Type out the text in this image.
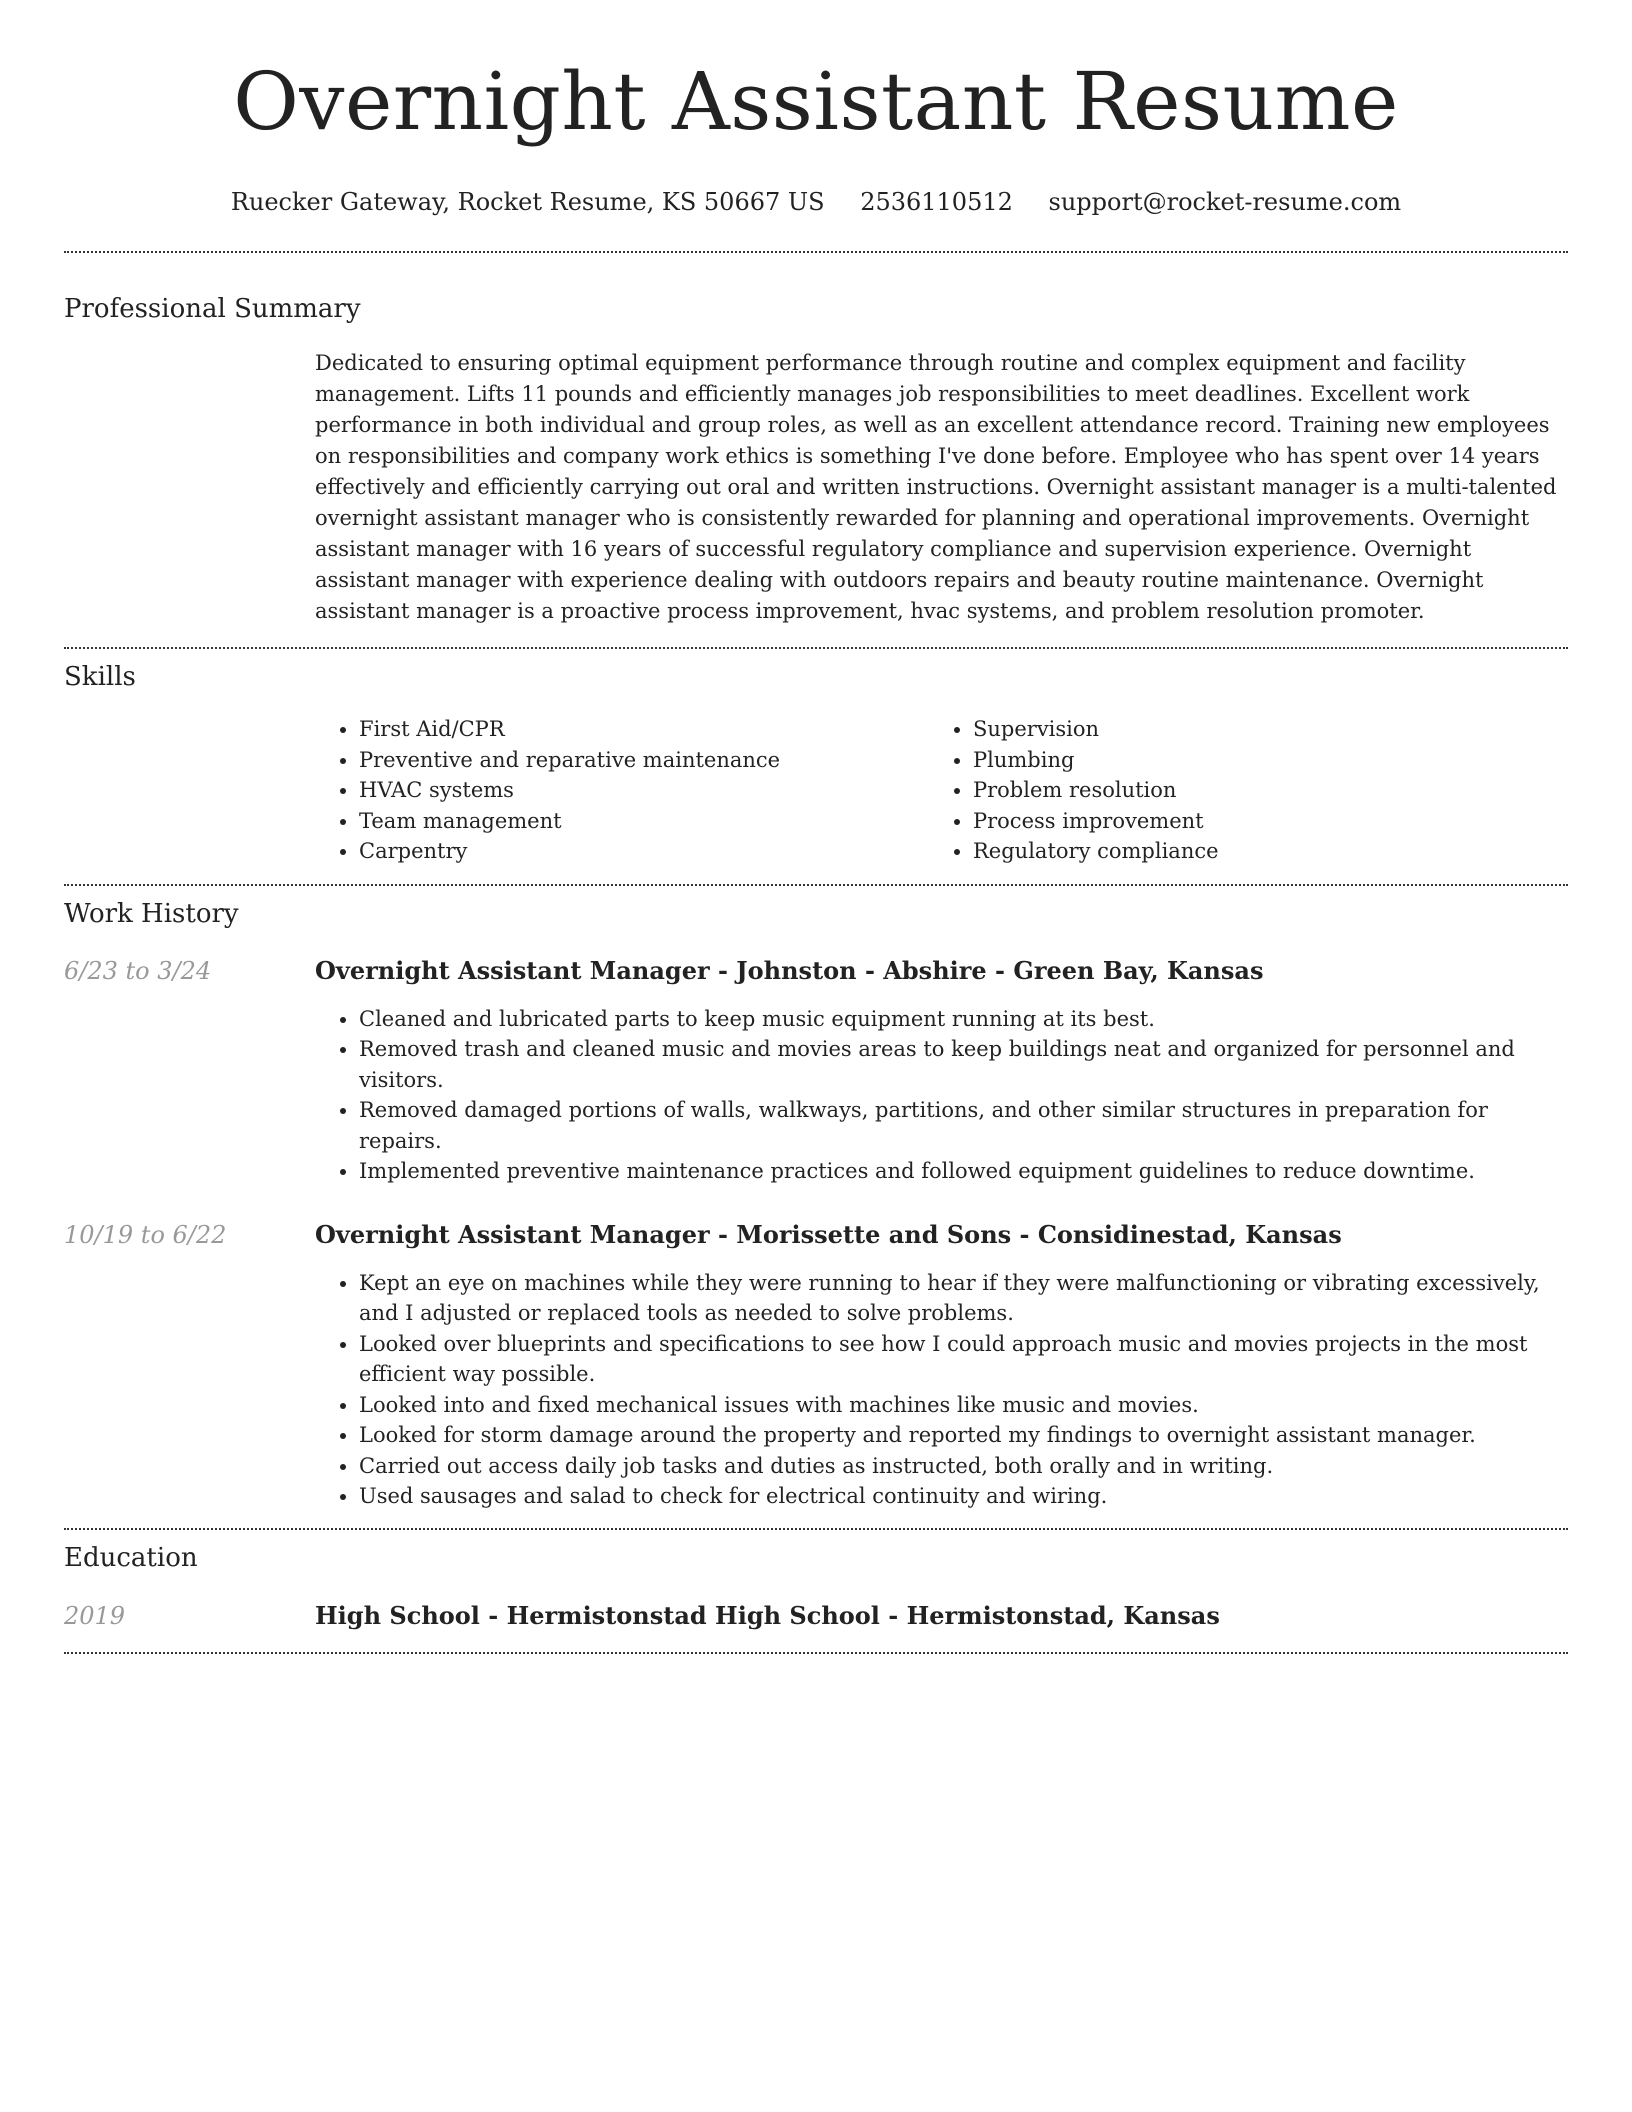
Overnight Assistant Resume
Ruecker Gateway, Rocket Resume, KS 50667 US 2536110512 support@rocket-resume.com
Professional Summary

Dedicated to ensuring optimal equipment performance through routine and complex equipment and facility management. Lifts 11 pounds and efficiently manages job responsibilities to meet deadlines. Excellent work performance in both individual and group roles, as well as an excellent attendance record. Training new employees on responsibilities and company work ethics is something I've done before. Employee who has spent over 14 years effectively and efficiently carrying out oral and written instructions. Overnight assistant manager is a multi-talented overnight assistant manager who is consistently rewarded for planning and operational improvements. Overnight assistant manager with 16 years of successful regulatory compliance and supervision experience. Overnight assistant manager with experience dealing with outdoors repairs and beauty routine maintenance. Overnight assistant manager is a proactive process improvement, hvac systems, and problem resolution promoter.

Skills
• First Aid/CPR
• Preventive and reparative maintenance
• HVAC systems
• Team management
• Carpentry
• Supervision
• Plumbing
• Problem resolution
• Process improvement
• Regulatory compliance
Work History
6/23 to 3/24	Overnight Assistant Manager - Johnston - Abshire - Green Bay, Kansas
• Cleaned and lubricated parts to keep music equipment running at its best.
• Removed trash and cleaned music and movies areas to keep buildings neat and organized for personnel and visitors.
• Removed damaged portions of walls, walkways, partitions, and other similar structures in preparation for repairs.
• Implemented preventive maintenance practices and followed equipment guidelines to reduce downtime.
10/19 to 6/22	Overnight Assistant Manager - Morissette and Sons - Considinestad, Kansas
• Kept an eye on machines while they were running to hear if they were malfunctioning or vibrating excessively, and I adjusted or replaced tools as needed to solve problems.
• Looked over blueprints and specifications to see how I could approach music and movies projects in the most efficient way possible.
• Looked into and fixed mechanical issues with machines like music and movies.
• Looked for storm damage around the property and reported my findings to overnight assistant manager.
• Carried out access daily job tasks and duties as instructed, both orally and in writing.
• Used sausages and salad to check for electrical continuity and wiring.
Education
2019	High School - Hermistonstad High School - Hermistonstad, Kansas
